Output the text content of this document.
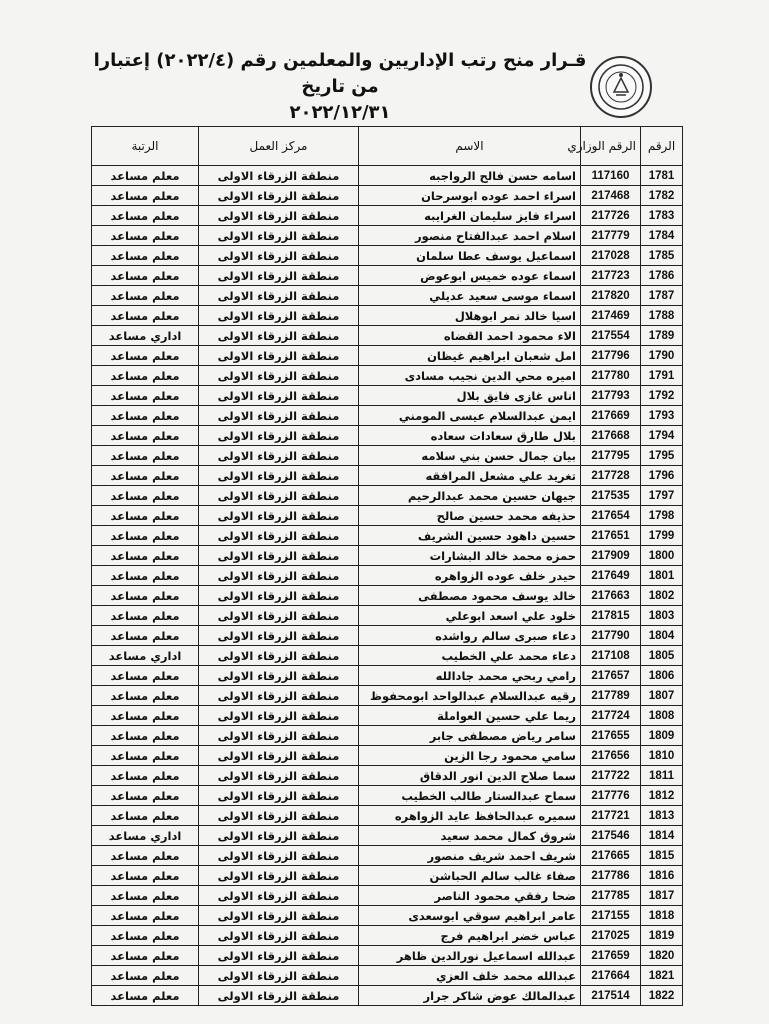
قـرار منح رتب الإداريين والمعلمين رقم (٢٠٢٢/٤) إعتبارا من تاريخ
٢٠٢٢/١٢/٣١
الرقم	الرقم الوزاري	الاسم	مركز العمل	الرتبة
1781	117160	اسامه حسن فالح الرواجبه	منطقة الزرقاء الاولى	معلم مساعد
1782	217468	اسراء احمد عوده ابوسرحان	منطقة الزرقاء الاولى	معلم مساعد
1783	217726	اسراء فايز سليمان الغرايبه	منطقة الزرقاء الاولى	معلم مساعد
1784	217779	اسلام احمد عبدالفتاح منصور	منطقة الزرقاء الاولى	معلم مساعد
1785	217028	اسماعيل يوسف عطا سلمان	منطقة الزرقاء الاولى	معلم مساعد
1786	217723	اسماء عوده خميس ابوعوض	منطقة الزرقاء الاولى	معلم مساعد
1787	217820	اسماء موسى سعيد عديلي	منطقة الزرقاء الاولى	معلم مساعد
1788	217469	اسيا خالد نمر ابوهلال	منطقة الزرقاء الاولى	معلم مساعد
1789	217554	الاء محمود احمد القضاه	منطقة الزرقاء الاولى	اداري مساعد
1790	217796	امل شعبان ابراهيم غيظان	منطقة الزرقاء الاولى	معلم مساعد
1791	217780	اميره محي الدين نجيب مسادى	منطقة الزرقاء الاولى	معلم مساعد
1792	217793	اناس غازى فايق بلال	منطقة الزرقاء الاولى	معلم مساعد
1793	217669	ايمن عبدالسلام عيسى المومني	منطقة الزرقاء الاولى	معلم مساعد
1794	217668	بلال طارق سعادات سعاده	منطقة الزرقاء الاولى	معلم مساعد
1795	217795	بيان جمال حسن بني سلامه	منطقة الزرقاء الاولى	معلم مساعد
1796	217728	تغريد علي مشعل المرافقه	منطقة الزرقاء الاولى	معلم مساعد
1797	217535	جيهان حسين محمد عبدالرحيم	منطقة الزرقاء الاولى	معلم مساعد
1798	217654	حذيفه محمد حسين صالح	منطقة الزرقاء الاولى	معلم مساعد
1799	217651	حسين داهود حسين الشريف	منطقة الزرقاء الاولى	معلم مساعد
1800	217909	حمزه محمد خالد البشارات	منطقة الزرقاء الاولى	معلم مساعد
1801	217649	حيدر خلف عوده الزواهره	منطقة الزرقاء الاولى	معلم مساعد
1802	217663	خالد يوسف محمود مصطفى	منطقة الزرقاء الاولى	معلم مساعد
1803	217815	خلود علي اسعد ابوعلي	منطقة الزرقاء الاولى	معلم مساعد
1804	217790	دعاء صبرى سالم رواشده	منطقة الزرقاء الاولى	معلم مساعد
1805	217108	دعاء محمد علي الخطيب	منطقة الزرقاء الاولى	اداري مساعد
1806	217657	رامي ربحي محمد جادالله	منطقة الزرقاء الاولى	معلم مساعد
1807	217789	رقيه عبدالسلام عبدالواحد ابومحفوظ	منطقة الزرقاء الاولى	معلم مساعد
1808	217724	ريما علي حسين العواملة	منطقة الزرقاء الاولى	معلم مساعد
1809	217655	سامر رياض مصطفى جابر	منطقة الزرقاء الاولى	معلم مساعد
1810	217656	سامي محمود رجا الزين	منطقة الزرقاء الاولى	معلم مساعد
1811	217722	سما صلاح الدين انور الدقاق	منطقة الزرقاء الاولى	معلم مساعد
1812	217776	سماح عبدالستار طالب الخطيب	منطقة الزرقاء الاولى	معلم مساعد
1813	217721	سميره عبدالحافظ عايد الزواهره	منطقة الزرقاء الاولى	معلم مساعد
1814	217546	شروق كمال محمد سعيد	منطقة الزرقاء الاولى	اداري مساعد
1815	217665	شريف احمد شريف منصور	منطقة الزرقاء الاولى	معلم مساعد
1816	217786	صفاء غالب سالم الحباشن	منطقة الزرقاء الاولى	معلم مساعد
1817	217785	ضحا رفقي محمود الناصر	منطقة الزرقاء الاولى	معلم مساعد
1818	217155	عامر ابراهيم سوقي ابوسعدى	منطقة الزرقاء الاولى	معلم مساعد
1819	217025	عباس خضر ابراهيم فرج	منطقة الزرقاء الاولى	معلم مساعد
1820	217659	عبدالله اسماعيل نورالدين ظاهر	منطقة الزرقاء الاولى	معلم مساعد
1821	217664	عبدالله محمد خلف العزي	منطقة الزرقاء الاولى	معلم مساعد
1822	217514	عبدالمالك عوض شاكر جرار	منطقة الزرقاء الاولى	معلم مساعد
